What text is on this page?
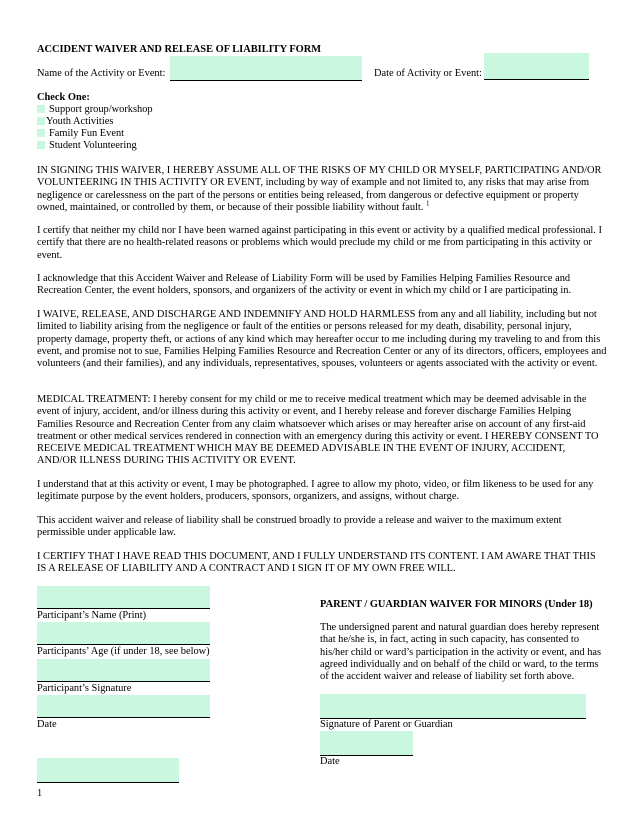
ACCIDENT WAIVER AND RELEASE OF LIABILITY FORM
Name of the Activity or Event:	Date of Activity or Event:
Check One:
Support group/workshop
Youth Activities
Family Fun Event
Student Volunteering

IN SIGNING THIS WAIVER, I HEREBY ASSUME ALL OF THE RISKS OF MY CHILD OR MYSELF, PARTICIPATING AND/OR VOLUNTEERING IN THIS ACTIVITY OR EVENT, including by way of example and not limited to, any risks that may arise from negligence or carelessness on the part of the persons or entities being released, from dangerous or defective equipment or property owned, maintained, or controlled by them, or because of their possible liability without fault. $^1$

I certify that neither my child nor I have been warned against participating in this event or activity by a qualified medical professional. I certify that there are no health-related reasons or problems which would preclude my child or me from participating in this activity or event.

I acknowledge that this Accident Waiver and Release of Liability Form will be used by Families Helping Families Resource and Recreation Center, the event holders, sponsors, and organizers of the activity or event in which my child or I are participating in.

I WAIVE, RELEASE, AND DISCHARGE AND INDEMNIFY AND HOLD HARMLESS from any and all liability, including but not limited to liability arising from the negligence or fault of the entities or persons released for my death, disability, personal injury, property damage, property theft, or actions of any kind which may hereafter occur to me including during my traveling to and from this event, and promise not to sue, Families Helping Families Resource and Recreation Center or any of its directors, officers, employees and volunteers (and their families), and any individuals, representatives, spouses, volunteers or agents associated with the activity or event.

MEDICAL TREATMENT: I hereby consent for my child or me to receive medical treatment which may be deemed advisable in the event of injury, accident, and/or illness during this activity or event, and I hereby release and forever discharge Families Helping Families Resource and Recreation Center from any claim whatsoever which arises or may hereafter arise on account of any first-aid treatment or other medical services rendered in connection with an emergency during this activity or event. I HEREBY CONSENT TO RECEIVE MEDICAL TREATMENT WHICH MAY BE DEEMED ADVISABLE IN THE EVENT OF INJURY, ACCIDENT, AND/OR ILLNESS DURING THIS ACTIVITY OR EVENT.

I understand that at this activity or event, I may be photographed. I agree to allow my photo, video, or film likeness to be used for any legitimate purpose by the event holders, producers, sponsors, organizers, and assigns, without charge.

This accident waiver and release of liability shall be construed broadly to provide a release and waiver to the maximum extent permissible under applicable law.

I CERTIFY THAT I HAVE READ THIS DOCUMENT, AND I FULLY UNDERSTAND ITS CONTENT. I AM AWARE THAT THIS IS A RELEASE OF LIABILITY AND A CONTRACT AND I SIGN IT OF MY OWN FREE WILL.

Participant’s Name (Print)
Participants’ Age (if under 18, see below)
Participant’s Signature
Date
1
PARENT / GUARDIAN WAIVER FOR MINORS (Under 18)

The undersigned parent and natural guardian does hereby represent that he/she is, in fact, acting in such capacity, has consented to his/her child or ward’s participation in the activity or event, and has agreed individually and on behalf of the child or ward, to the terms of the accident waiver and release of liability set forth above.

Signature of Parent or Guardian
Date
